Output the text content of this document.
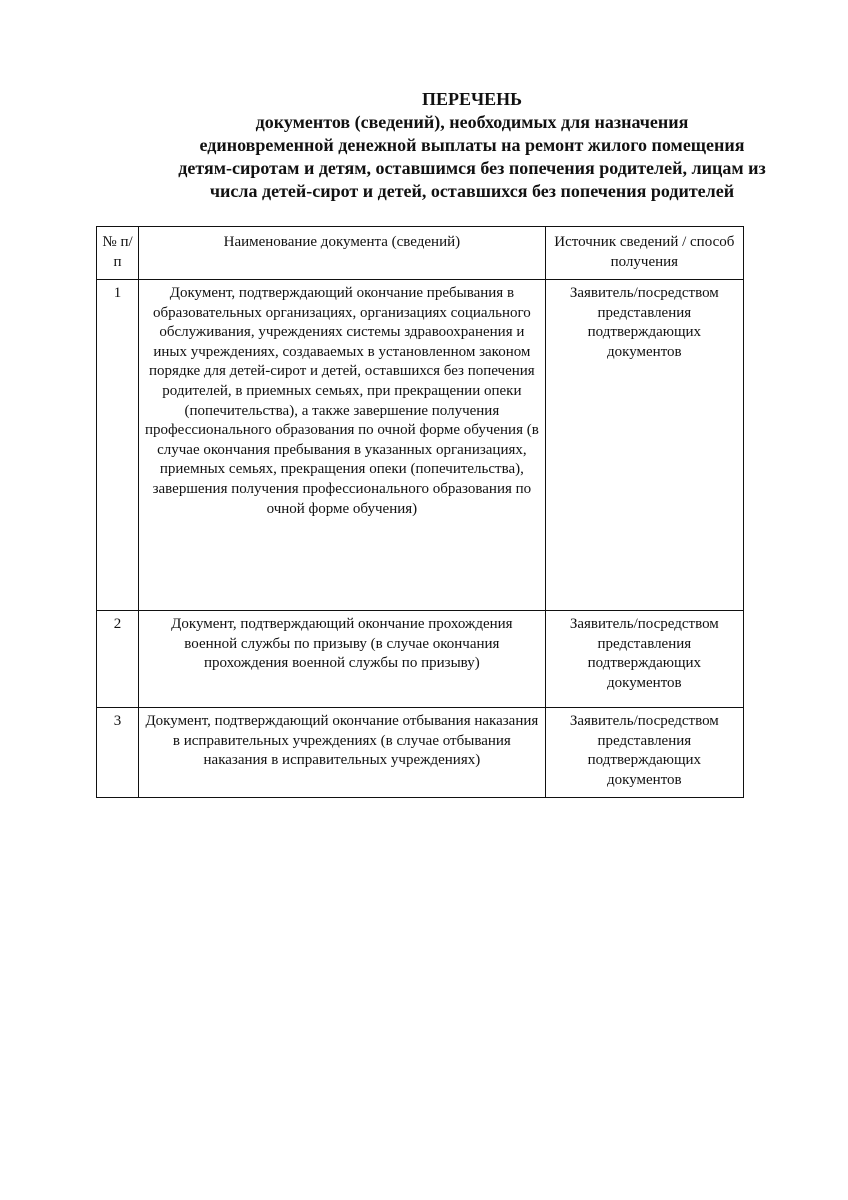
ПЕРЕЧЕНЬ
документов (сведений), необходимых для назначения
единовременной денежной выплаты на ремонт жилого помещения
детям-сиротам и детям, оставшимся без попечения родителей, лицам из
числа детей-сирот и детей, оставшихся без попечения родителей
№ п/п	Наименование документа (сведений)	Источник сведений / способ получения

1	Документ, подтверждающий окончание пребывания в образовательных организациях, организациях социального обслуживания, учреждениях системы здравоохранения и иных учреждениях, создаваемых в установленном законом порядке для детей-сирот и детей, оставшихся без попечения родителей, в приемных семьях, при прекращении опеки (попечительства), а также завершение получения профессионального образования по очной форме обучения (в случае окончания пребывания в указанных организациях, приемных семьях, прекращения опеки (попечительства), завершения получения профессионального образования по очной форме обучения)	Заявитель/посредством представления подтверждающих документов

2	Документ, подтверждающий окончание прохождения военной службы по призыву (в случае окончания прохождения военной службы по призыву)	Заявитель/посредством представления подтверждающих документов

3	Документ, подтверждающий окончание отбывания наказания в исправительных учреждениях (в случае отбывания наказания в исправительных учреждениях)	Заявитель/посредством представления подтверждающих документов
